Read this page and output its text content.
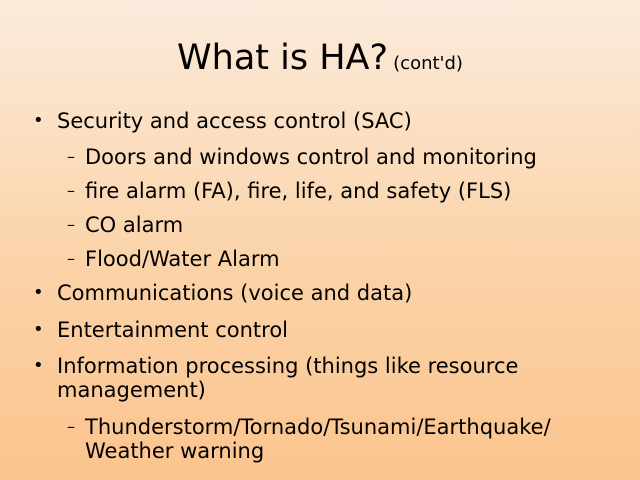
What is HA? (cont'd)
• Security and access control (SAC)
– Doors and windows control and monitoring
– fire alarm (FA), fire, life, and safety (FLS)
– CO alarm
– Flood/Water Alarm
• Communications (voice and data)
• Entertainment control
• Information processing (things like resource management)
– Thunderstorm/Tornado/Tsunami/Earthquake/ Weather warning
